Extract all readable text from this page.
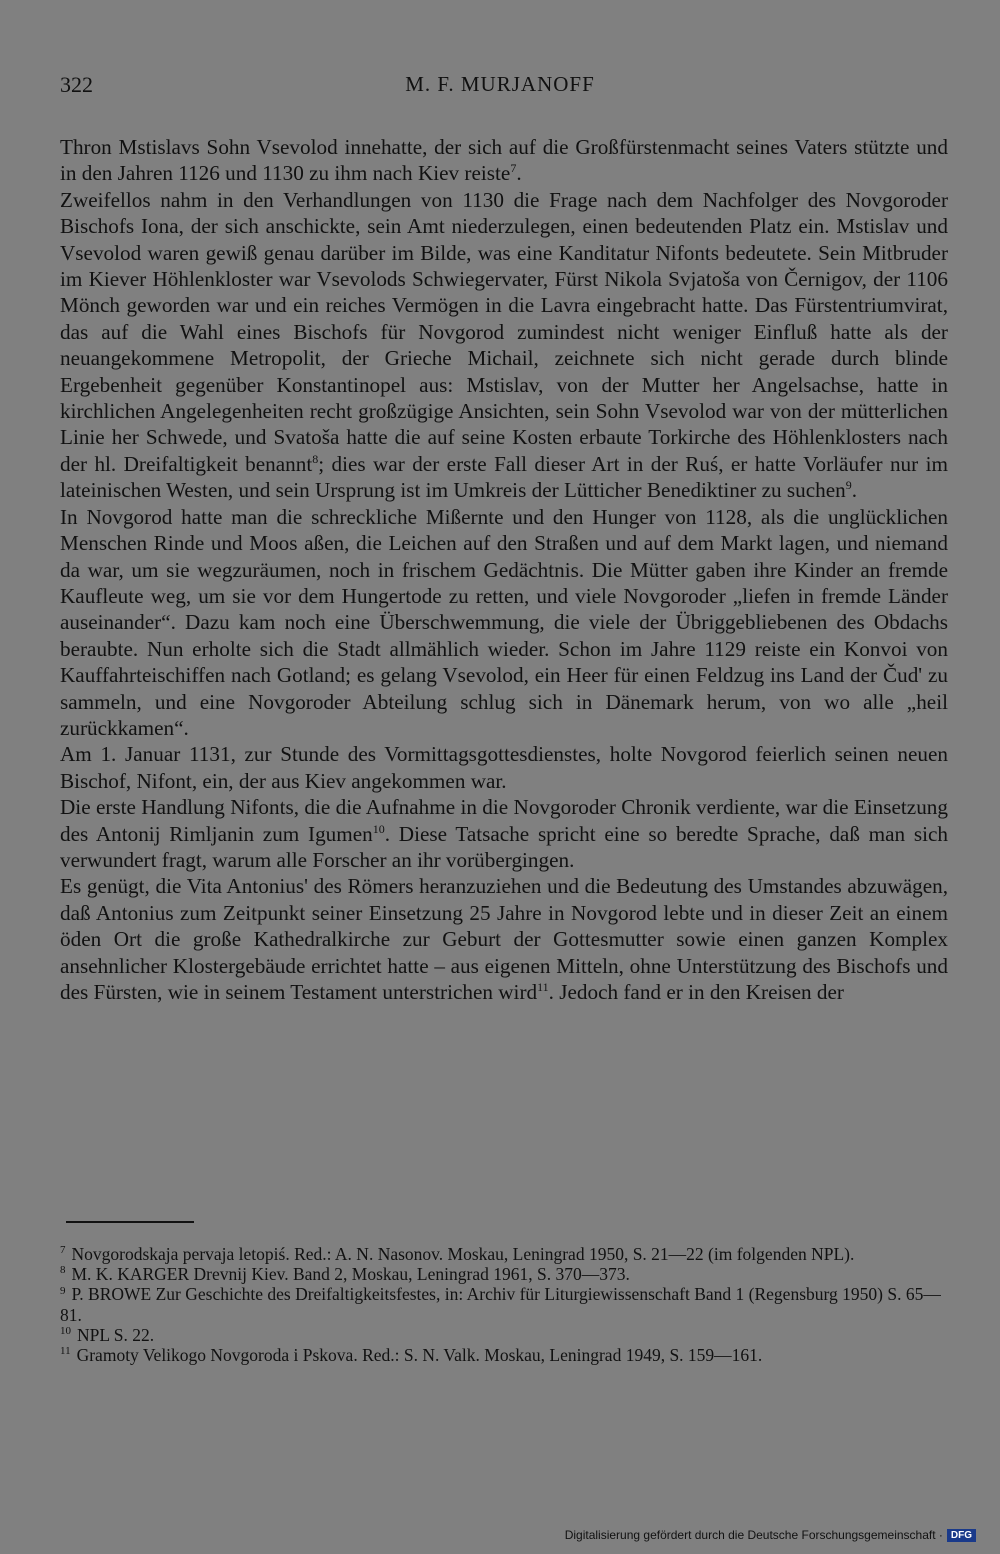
322	M. F. MURJANOFF

Thron Mstislavs Sohn Vsevolod innehatte, der sich auf die Großfürstenmacht seines Vaters stützte und in den Jahren 1126 und 1130 zu ihm nach Kiev reiste$^7$.

Zweifellos nahm in den Verhandlungen von 1130 die Frage nach dem Nachfolger des Novgoroder Bischofs Iona, der sich anschickte, sein Amt niederzulegen, einen bedeutenden Platz ein. Mstislav und Vsevolod waren gewiß genau darüber im Bilde, was eine Kanditatur Nifonts bedeutete. Sein Mitbruder im Kiever Höhlenkloster war Vsevolods Schwiegervater, Fürst Nikola Svjatoša von Černigov, der 1106 Mönch geworden war und ein reiches Vermögen in die Lavra eingebracht hatte. Das Fürstentriumvirat, das auf die Wahl eines Bischofs für Novgorod zumindest nicht weniger Einfluß hatte als der neuangekommene Metropolit, der Grieche Michail, zeichnete sich nicht gerade durch blinde Ergebenheit gegenüber Konstantinopel aus: Mstislav, von der Mutter her Angelsachse, hatte in kirchlichen Angelegenheiten recht großzügige Ansichten, sein Sohn Vsevolod war von der mütterlichen Linie her Schwede, und Svatoša hatte die auf seine Kosten erbaute Torkirche des Höhlenklosters nach der hl. Dreifaltigkeit benannt$^8$; dies war der erste Fall dieser Art in der Ruś, er hatte Vorläufer nur im lateinischen Westen, und sein Ursprung ist im Umkreis der Lütticher Benediktiner zu suchen$^9$.

In Novgorod hatte man die schreckliche Mißernte und den Hunger von 1128, als die unglücklichen Menschen Rinde und Moos aßen, die Leichen auf den Straßen und auf dem Markt lagen, und niemand da war, um sie wegzuräumen, noch in frischem Gedächtnis. Die Mütter gaben ihre Kinder an fremde Kaufleute weg, um sie vor dem Hungertode zu retten, und viele Novgoroder „liefen in fremde Länder auseinander“. Dazu kam noch eine Überschwemmung, die viele der Übriggebliebenen des Obdachs beraubte. Nun erholte sich die Stadt allmählich wieder. Schon im Jahre 1129 reiste ein Konvoi von Kauffahrteischiffen nach Gotland; es gelang Vsevolod, ein Heer für einen Feldzug ins Land der Čud' zu sammeln, und eine Novgoroder Abteilung schlug sich in Dänemark herum, von wo alle „heil zurückkamen“.

Am 1. Januar 1131, zur Stunde des Vormittagsgottesdienstes, holte Novgorod feierlich seinen neuen Bischof, Nifont, ein, der aus Kiev angekommen war.

Die erste Handlung Nifonts, die die Aufnahme in die Novgoroder Chronik verdiente, war die Einsetzung des Antonij Rimljanin zum Igumen$^{10}$. Diese Tatsache spricht eine so beredte Sprache, daß man sich verwundert fragt, warum alle Forscher an ihr vorübergingen.

Es genügt, die Vita Antonius' des Römers heranzuziehen und die Bedeutung des Umstandes abzuwägen, daß Antonius zum Zeitpunkt seiner Einsetzung 25 Jahre in Novgorod lebte und in dieser Zeit an einem öden Ort die große Kathedralkirche zur Geburt der Gottesmutter sowie einen ganzen Komplex ansehnlicher Klostergebäude errichtet hatte – aus eigenen Mitteln, ohne Unterstützung des Bischofs und des Fürsten, wie in seinem Testament unterstrichen wird$^{11}$. Jedoch fand er in den Kreisen der

$^7$ Novgorodskaja pervaja letopiś. Red.: A. N. Nasonov. Moskau, Leningrad 1950, S. 21—22 (im folgenden NPL).

$^8$ M. K. KARGER Drevnij Kiev. Band 2, Moskau, Leningrad 1961, S. 370—373.

$^9$ P. BROWE Zur Geschichte des Dreifaltigkeitsfestes, in: Archiv für Liturgiewissenschaft Band 1 (Regensburg 1950) S. 65—81.

$^{10}$ NPL S. 22.

$^{11}$ Gramoty Velikogo Novgoroda i Pskova. Red.: S. N. Valk. Moskau, Leningrad 1949, S. 159—161.

Digitalisierung gefördert durch die Deutsche Forschungsgemeinschaft · DFG
